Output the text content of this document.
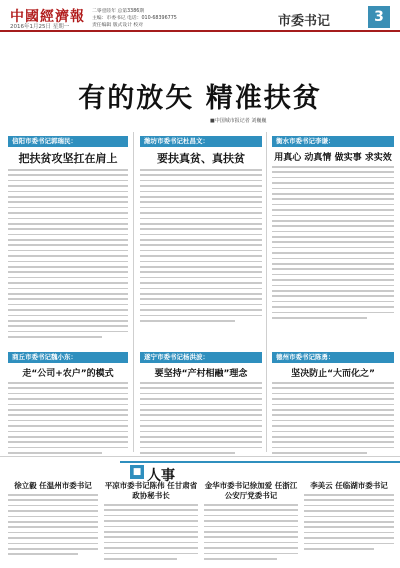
中國經濟報
2016年1月25日 星期一
二零壹陸年 总第3386期
主编：市委书记 电话：010-68396775
责任编辑 版式设计 校对	市委书记	3
有的放矢 精准扶贫
■中国城市报记者 刘巍巍
信阳市委书记郭瑞民：
把扶贫攻坚扛在肩上
潍坊市委书记杜昌文：
要扶真贫、真扶贫
衡水市委书记李谦：
用真心 动真情 做实事 求实效
商丘市委书记魏小东：
走“公司+农户”的模式
遂宁市委书记杨洪波：
要坚持“产村相融”理念
德州市委书记陈勇：
坚决防止“大而化之”
■ 人事
徐立毅 任温州市委书记	平凉市委书记陈伟 任甘肃省政协秘书长
金华市委书记徐加爱 任浙江公安厅党委书记
李美云 任临湖市委书记
